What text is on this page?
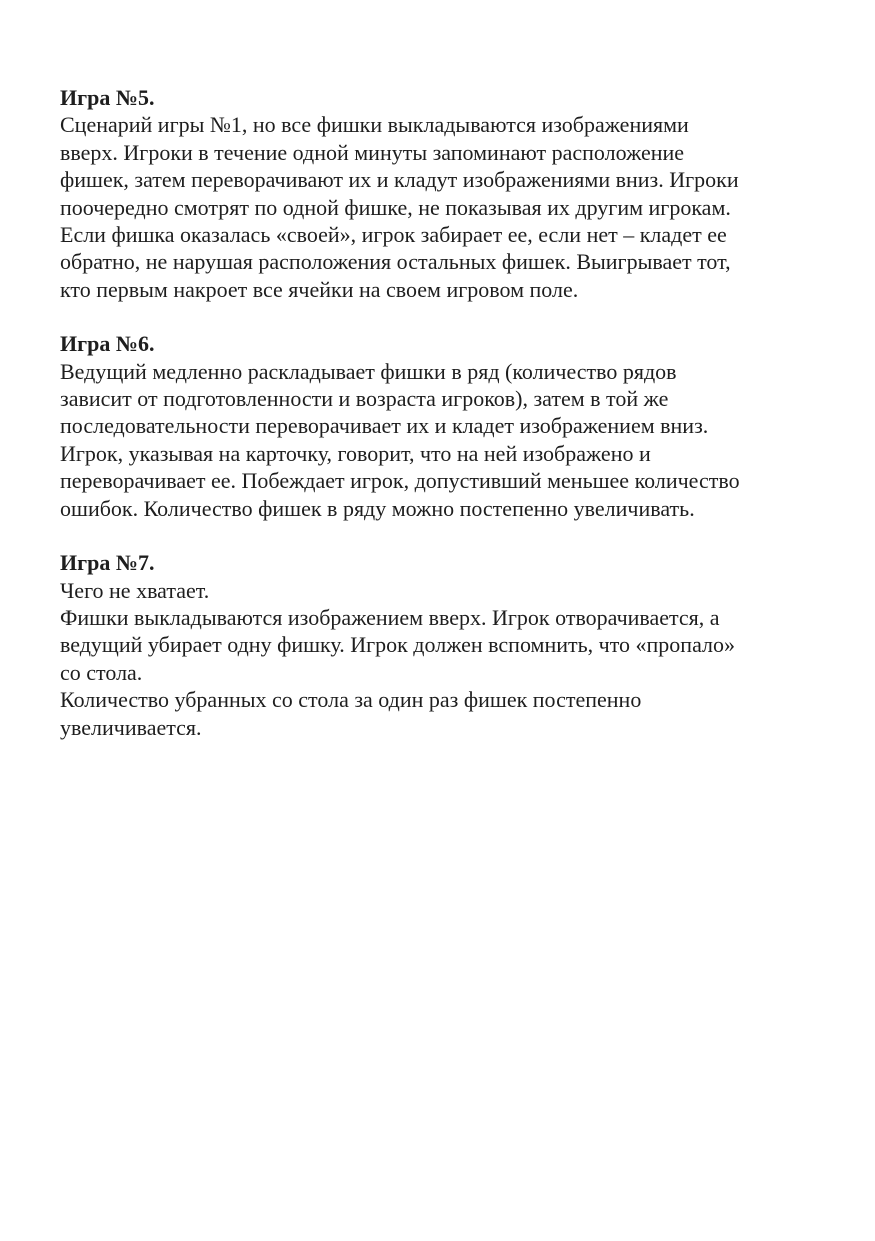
Игра №5.
Сценарий игры №1, но все фишки выкладываются изображениями
вверх. Игроки в течение одной минуты запоминают расположение
фишек, затем переворачивают их и кладут изображениями вниз. Игроки
поочередно смотрят по одной фишке, не показывая их другим игрокам.
Если фишка оказалась «своей», игрок забирает ее, если нет – кладет ее
обратно, не нарушая расположения остальных фишек. Выигрывает тот,
кто первым накроет все ячейки на своем игровом поле.
Игра №6.
Ведущий медленно раскладывает фишки в ряд (количество рядов
зависит от подготовленности и возраста игроков), затем в той же
последовательности переворачивает их и кладет изображением вниз.
Игрок, указывая на карточку, говорит, что на ней изображено и
переворачивает ее. Побеждает игрок, допустивший меньшее количество
ошибок. Количество фишек в ряду можно постепенно увеличивать.
Игра №7.
Чего не хватает.
Фишки выкладываются изображением вверх. Игрок отворачивается, а
ведущий убирает одну фишку. Игрок должен вспомнить, что «пропало»
со стола.
Количество убранных со стола за один раз фишек постепенно
увеличивается.
